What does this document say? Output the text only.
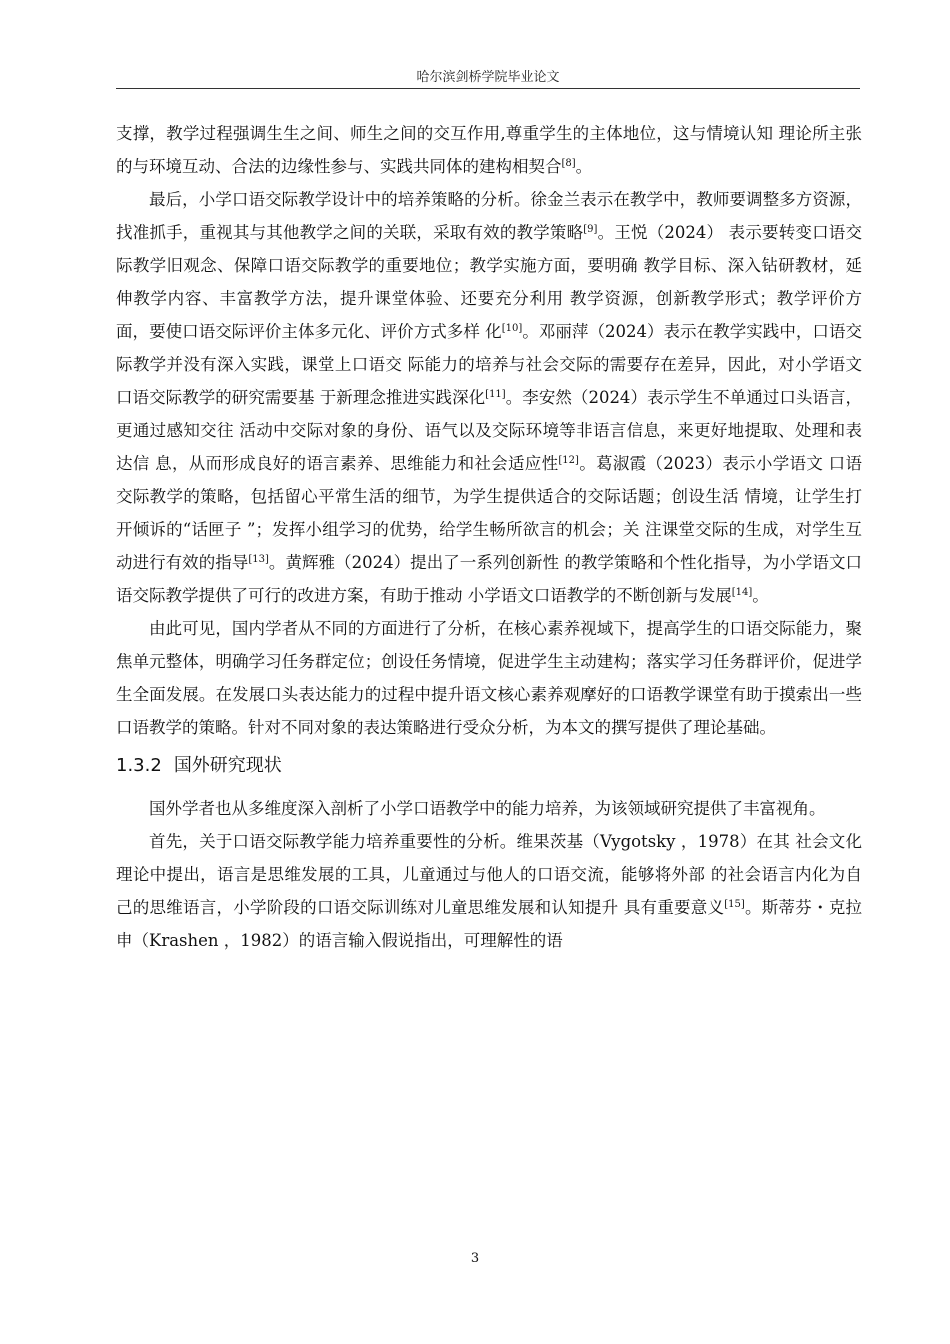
哈尔滨剑桥学院毕业论文

支撑，教学过程强调生生之间、师生之间的交互作用,尊重学生的主体地位，这与情境认知 理论所主张的与环境互动、合法的边缘性参与、实践共同体的建构相契合[8]。

最后，小学口语交际教学设计中的培养策略的分析。徐金兰表示在教学中，教师要调整多方资源，找准抓手，重视其与其他教学之间的关联，采取有效的教学策略[9]。王悦（2024） 表示要转变口语交际教学旧观念、保障口语交际教学的重要地位；教学实施方面，要明确 教学目标、深入钻研教材，延伸教学内容、丰富教学方法，提升课堂体验、还要充分利用 教学资源，创新教学形式；教学评价方面，要使口语交际评价主体多元化、评价方式多样 化[10]。邓丽萍（2024）表示在教学实践中，口语交际教学并没有深入实践，课堂上口语交 际能力的培养与社会交际的需要存在差异，因此，对小学语文口语交际教学的研究需要基 于新理念推进实践深化[11]。李安然（2024）表示学生不单通过口头语言，更通过感知交往 活动中交际对象的身份、语气以及交际环境等非语言信息，来更好地提取、处理和表达信 息，从而形成良好的语言素养、思维能力和社会适应性[12]。葛淑霞（2023）表示小学语文 口语交际教学的策略，包括留心平常生活的细节，为学生提供适合的交际话题；创设生活 情境，让学生打开倾诉的“话匣子 ”；发挥小组学习的优势，给学生畅所欲言的机会；关 注课堂交际的生成，对学生互动进行有效的指导[13]。黄辉雅（2024）提出了一系列创新性 的教学策略和个性化指导，为小学语文口语交际教学提供了可行的改进方案，有助于推动 小学语文口语教学的不断创新与发展[14]。

由此可见，国内学者从不同的方面进行了分析，在核心素养视域下，提高学生的口语交际能力，聚焦单元整体，明确学习任务群定位；创设任务情境，促进学生主动建构；落实学习任务群评价，促进学生全面发展。在发展口头表达能力的过程中提升语文核心素养观摩好的口语教学课堂有助于摸索出一些口语教学的策略。针对不同对象的表达策略进行受众分析，为本文的撰写提供了理论基础。

1.3.2 国外研究现状

国外学者也从多维度深入剖析了小学口语教学中的能力培养，为该领域研究提供了丰富视角。

首先，关于口语交际教学能力培养重要性的分析。维果茨基（Vygotsky ，1978）在其 社会文化理论中提出，语言是思维发展的工具，儿童通过与他人的口语交流，能够将外部 的社会语言内化为自己的思维语言，小学阶段的口语交际训练对儿童思维发展和认知提升 具有重要意义[15]。斯蒂芬・克拉申（Krashen ，1982）的语言输入假说指出，可理解性的语

3
